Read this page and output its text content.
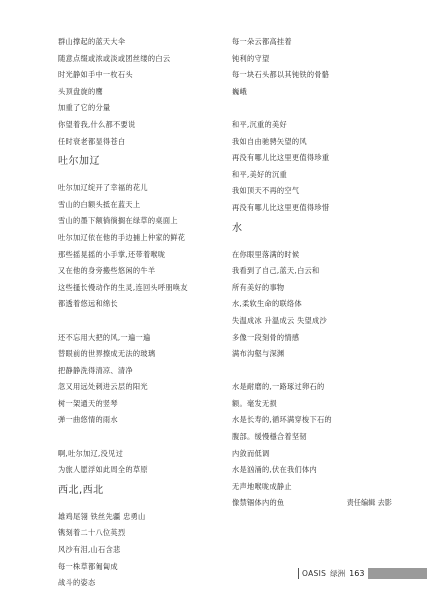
群山撑起的蓝天大伞
随意点缀或浓或淡或团丝缕的白云
时光静如手中一枚石头
头顶盘旋的鹰
加重了它的分量
你望着我,什么都不要说
任时衰老都显得苍白
吐尔加辽
吐尔加辽绽开了幸福的花儿
雪山的白额头抵在蓝天上
雪山的墨下额徜徜搁在绿草的桌面上
吐尔加辽依在他的手边捕上仲家的鲜花
那些摇晃摇的小手掌,还带着喉咙
又在他的身旁搬些悠闲的牛羊
这些搔长慢动作的生灵,连回头呼朋唤友
都透着悠远和绵长
还不忘用大把的风,一遍一遍
替眼前的世界擦成无法的玻璃
把静静洗得清凉、清净
忽又用远处刺进云层的阳光
树一架通天的竖琴
弹一曲悠情的雨水
啊,吐尔加辽,没见过
为旅人愿浮如此周全的草原
西北,西北
雄鸡尾翎 铁丝先疆 忠勇山
镌刻着二十八位英烈
风沙有泪,山石含悲
每一株草都匍匐成
战斗的姿态
每一朵云都高挂着
钝利的守望
每一块石头都以其钝铁的骨骼
巍峨
和平,沉重的美好
我如自由驰骋矢望的风
再没有哪儿比这里更值得珍重
和平,美好的沉重
我如顶天不再的空气
再没有哪儿比这里更值得珍惜
水
在你眼里落满的时候
我看到了自己,蓝天,白云和
所有美好的事物
水,柔软生命的联络体
失温成冰 升温成云 失望成沙
多像一段刻骨的情感
满布沟壑与深渊
水是耐磨的,一路琢过卵石的
额。毫发无损
水是长寿的,循环满穿梭下石的
腹部。缓慢穩合着坚韧
内敛而低调
水是汹涌的,伏在我们体内
无声地喉咙成静止
像禁锢体内的鱼	责任编辑 去影
OASIS 绿洲 163
